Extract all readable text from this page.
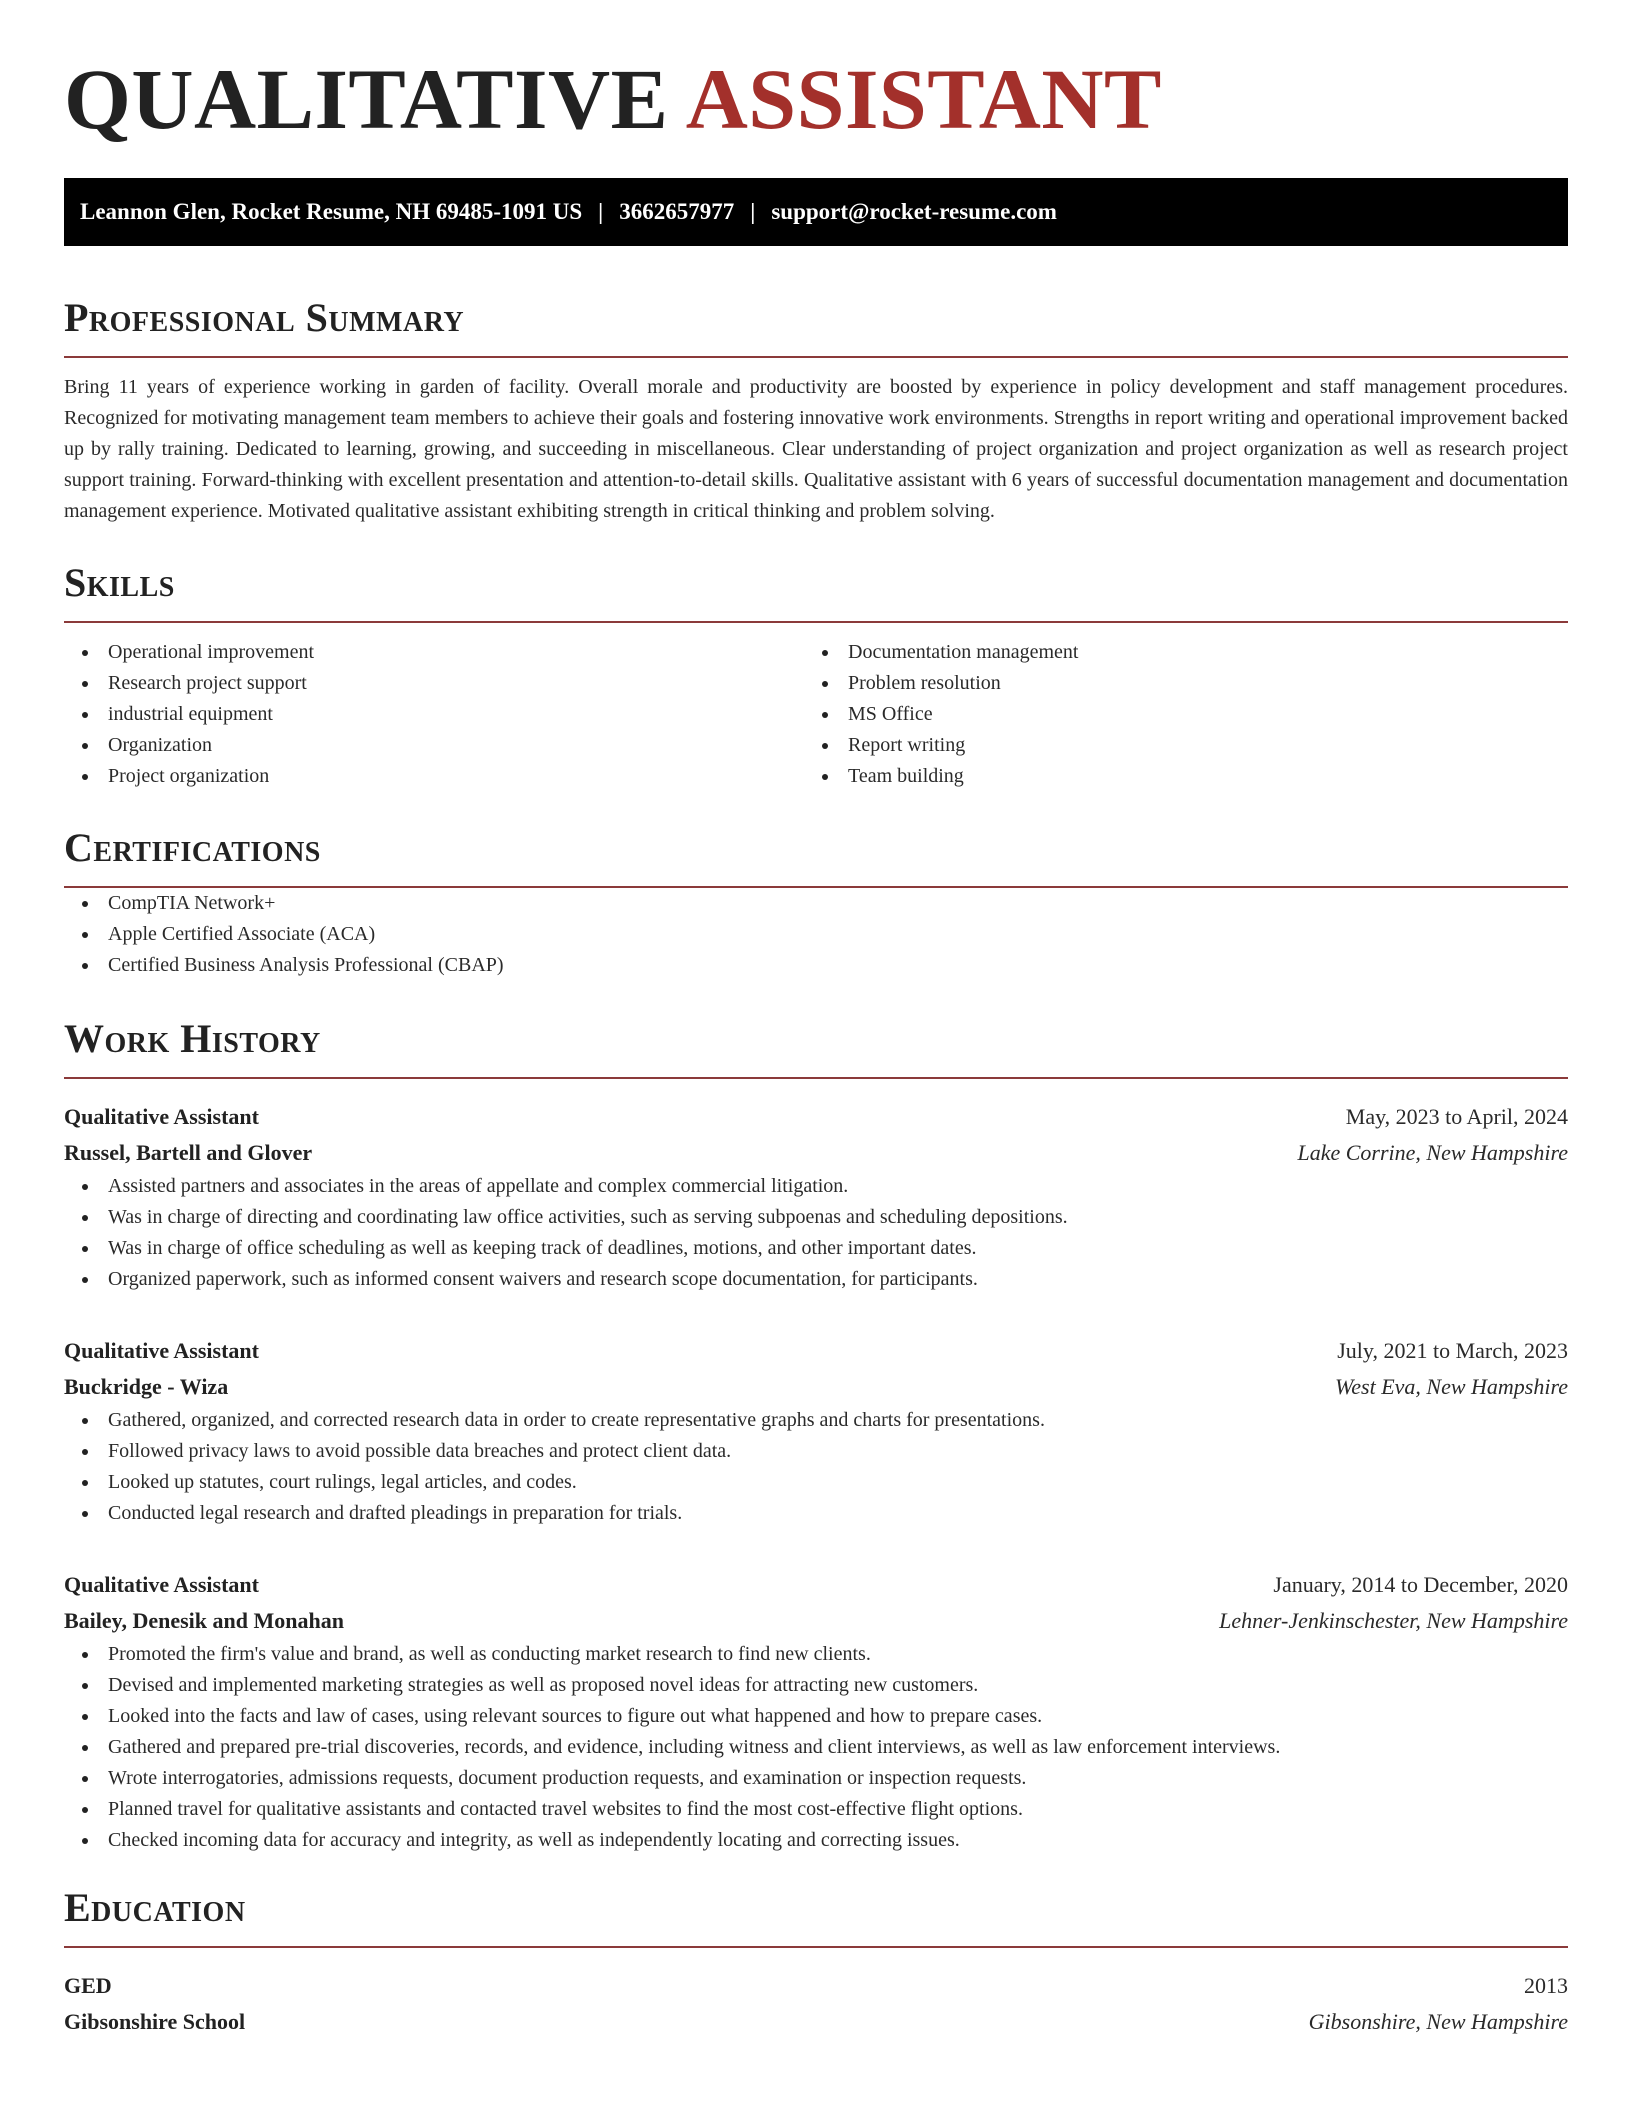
QUALITATIVE ASSISTANT
Leannon Glen, Rocket Resume, NH 69485-1091 US | 3662657977 | support@rocket-resume.com
Professional Summary

Bring 11 years of experience working in garden of facility. Overall morale and productivity are boosted by experience in policy development and staff management procedures. Recognized for motivating management team members to achieve their goals and fostering innovative work environments. Strengths in report writing and operational improvement backed up by rally training. Dedicated to learning, growing, and succeeding in miscellaneous. Clear understanding of project organization and project organization as well as research project support training. Forward-thinking with excellent presentation and attention-to-detail skills. Qualitative assistant with 6 years of successful documentation management and documentation management experience. Motivated qualitative assistant exhibiting strength in critical thinking and problem solving.

Skills
Operational improvement
Research project support
industrial equipment
Organization
Project organization
Documentation management
Problem resolution
MS Office
Report writing
Team building
Certifications
CompTIA Network+
Apple Certified Associate (ACA)
Certified Business Analysis Professional (CBAP)
Work History
Qualitative Assistant	May, 2023 to April, 2024
Russel, Bartell and Glover	Lake Corrine, New Hampshire
Assisted partners and associates in the areas of appellate and complex commercial litigation.
Was in charge of directing and coordinating law office activities, such as serving subpoenas and scheduling depositions.
Was in charge of office scheduling as well as keeping track of deadlines, motions, and other important dates.
Organized paperwork, such as informed consent waivers and research scope documentation, for participants.
Qualitative Assistant	July, 2021 to March, 2023
Buckridge - Wiza	West Eva, New Hampshire
Gathered, organized, and corrected research data in order to create representative graphs and charts for presentations.
Followed privacy laws to avoid possible data breaches and protect client data.
Looked up statutes, court rulings, legal articles, and codes.
Conducted legal research and drafted pleadings in preparation for trials.
Qualitative Assistant	January, 2014 to December, 2020
Bailey, Denesik and Monahan	Lehner-Jenkinschester, New Hampshire
Promoted the firm's value and brand, as well as conducting market research to find new clients.
Devised and implemented marketing strategies as well as proposed novel ideas for attracting new customers.
Looked into the facts and law of cases, using relevant sources to figure out what happened and how to prepare cases.
Gathered and prepared pre-trial discoveries, records, and evidence, including witness and client interviews, as well as law enforcement interviews.
Wrote interrogatories, admissions requests, document production requests, and examination or inspection requests.
Planned travel for qualitative assistants and contacted travel websites to find the most cost-effective flight options.
Checked incoming data for accuracy and integrity, as well as independently locating and correcting issues.
Education
GED	2013
Gibsonshire School	Gibsonshire, New Hampshire
